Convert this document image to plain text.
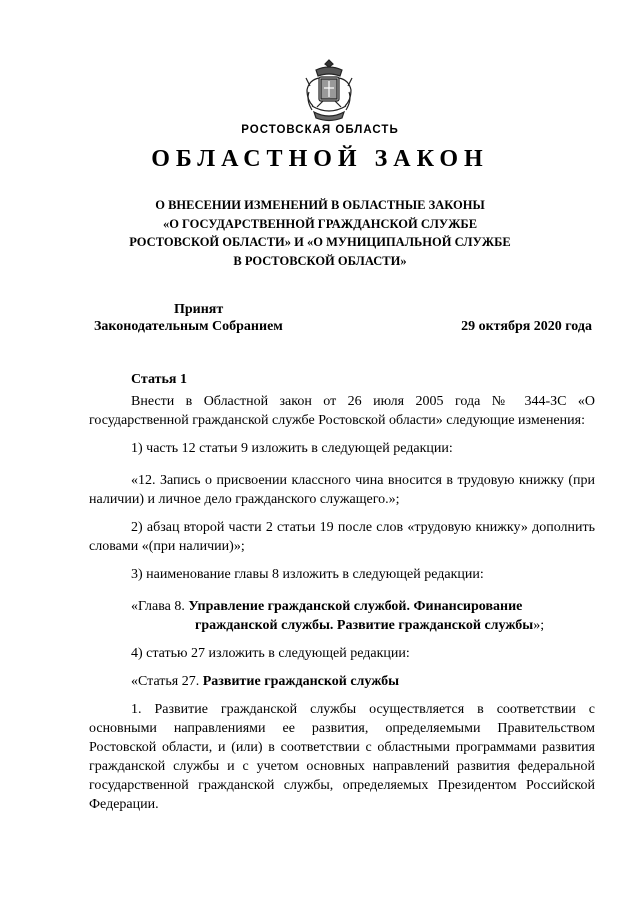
РОСТОВСКАЯ ОБЛАСТЬ
ОБЛАСТНОЙ ЗАКОН
О ВНЕСЕНИИ ИЗМЕНЕНИЙ В ОБЛАСТНЫЕ ЗАКОНЫ
«О ГОСУДАРСТВЕННОЙ ГРАЖДАНСКОЙ СЛУЖБЕ
РОСТОВСКОЙ ОБЛАСТИ» И «О МУНИЦИПАЛЬНОЙ СЛУЖБЕ
В РОСТОВСКОЙ ОБЛАСТИ»
Принят
Законодательным Собранием	29 октября 2020 года

Статья 1

Внести в Областной закон от 26 июля 2005 года № 344-ЗС «О государственной гражданской службе Ростовской области» следующие изменения:

1) часть 12 статьи 9 изложить в следующей редакции:

«12. Запись о присвоении классного чина вносится в трудовую книжку (при наличии) и личное дело гражданского служащего.»;

2) абзац второй части 2 статьи 19 после слов «трудовую книжку» дополнить словами «(при наличии)»;

3) наименование главы 8 изложить в следующей редакции:

«Глава 8. Управление гражданской службой. Финансирование
гражданской службы. Развитие гражданской службы»;

4) статью 27 изложить в следующей редакции:

«Статья 27. Развитие гражданской службы

1. Развитие гражданской службы осуществляется в соответствии с основными направлениями ее развития, определяемыми Правительством Ростовской области, и (или) в соответствии с областными программами развития гражданской службы и с учетом основных направлений развития федеральной государственной гражданской службы, определяемых Президентом Российской Федерации.
